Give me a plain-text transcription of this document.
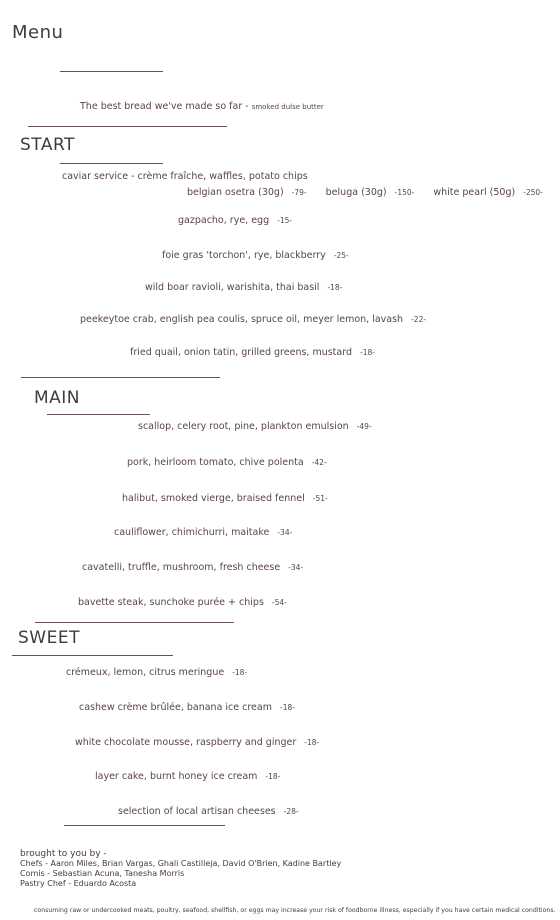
Menu
The best bread we've made so far - smoked dulse butter
START
caviar service - crème fraîche, waffles, potato chips
belgian osetra (30g) -79- beluga (30g) -150- white pearl (50g) -250-
gazpacho, rye, egg -15-
foie gras 'torchon', rye, blackberry -25-
wild boar ravioli, warishita, thai basil -18-
peekeytoe crab, english pea coulis, spruce oil, meyer lemon, lavash -22-
fried quail, onion tatin, grilled greens, mustard -18-
MAIN
scallop, celery root, pine, plankton emulsion -49-
pork, heirloom tomato, chive polenta -42-
halibut, smoked vierge, braised fennel -51-
cauliflower, chimichurri, maitake -34-
cavatelli, truffle, mushroom, fresh cheese -34-
bavette steak, sunchoke purée + chips -54-
SWEET
crémeux, lemon, citrus meringue -18-
cashew crème brûlée, banana ice cream -18-
white chocolate mousse, raspberry and ginger -18-
layer cake, burnt honey ice cream -18-
selection of local artisan cheeses -28-
brought to you by -
Chefs - Aaron Miles, Brian Vargas, Ghali Castilleja, David O'Brien, Kadine Bartley
Comis - Sebastian Acuna, Tanesha Morris
Pastry Chef - Eduardo Acosta
consuming raw or undercooked meats, poultry, seafood, shellfish, or eggs may increase your risk of foodborne illness, especially if you have certain medical conditions.
